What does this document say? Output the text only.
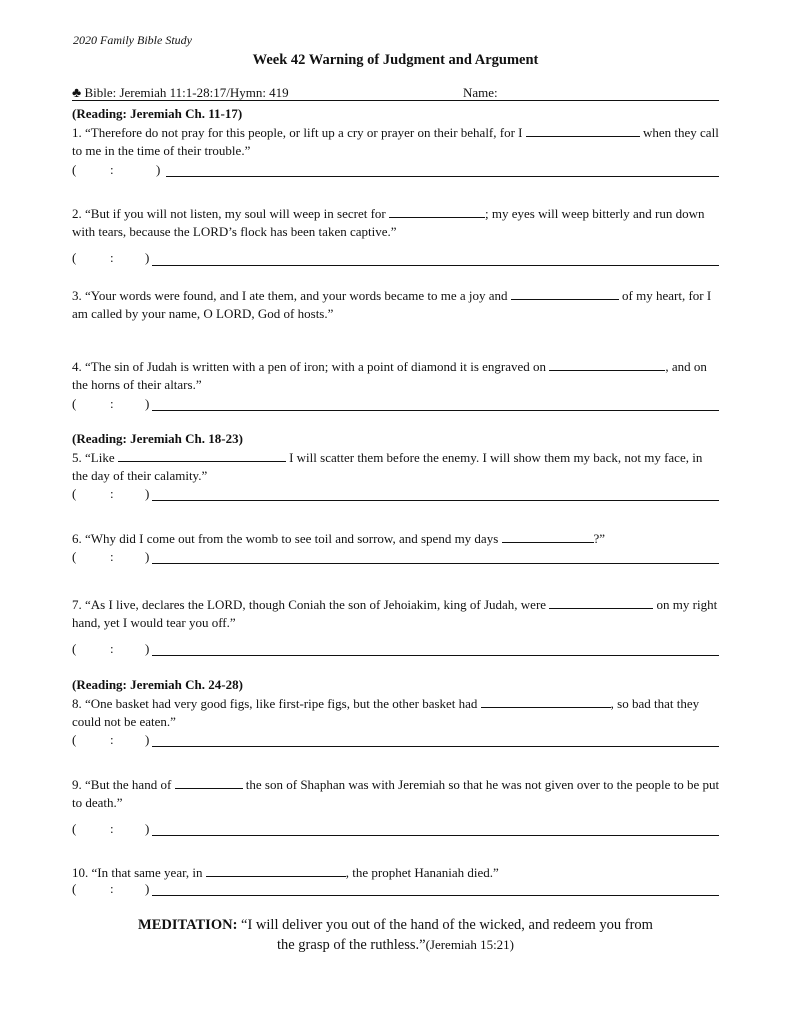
2020 Family Bible Study
Week 42 Warning of Judgment and Argument
♣ Bible: Jeremiah 11:1-28:17/Hymn: 419	Name:
(Reading: Jeremiah Ch. 11-17)
(Reading: Jeremiah Ch. 18-23)
(Reading: Jeremiah Ch. 24-28)
1. “Therefore do not pray for this people, or lift up a cry or prayer on their behalf, for I	when they call to me in the time of their trouble.”
(	:	)
2. “But if you will not listen, my soul will weep in secret for	; my eyes will weep bitterly and run down with tears, because the LORD’s flock has been taken captive.”
(	: )
3. “Your words were found, and I ate them, and your words became to me a joy and	of my heart, for I am called by your name, O LORD, God of hosts.”
4. “The sin of Judah is written with a pen of iron; with a point of diamond it is engraved on	, and on the horns of their altars.”
(	: )
5. “Like	I will scatter them before the enemy. I will show them my back, not my face, in the day of their calamity.”
(	: )
6. “Why did I come out from the womb to see toil and sorrow, and spend my days	?”
(	: )
7. “As I live, declares the LORD, though Coniah the son of Jehoiakim, king of Judah, were	on my right hand, yet I would tear you off.”
(	: )
8. “One basket had very good figs, like first-ripe figs, but the other basket had	, so bad that they could not be eaten.”
(	: )
9. “But the hand of	the son of Shaphan was with Jeremiah so that he was not given over to the people to be put to death.”
(	: )
10. “In that same year, in	, the prophet Hananiah died.”
(	: )
MEDITATION: “I will deliver you out of the hand of the wicked, and redeem you from
the grasp of the ruthless.”(Jeremiah 15:21)
